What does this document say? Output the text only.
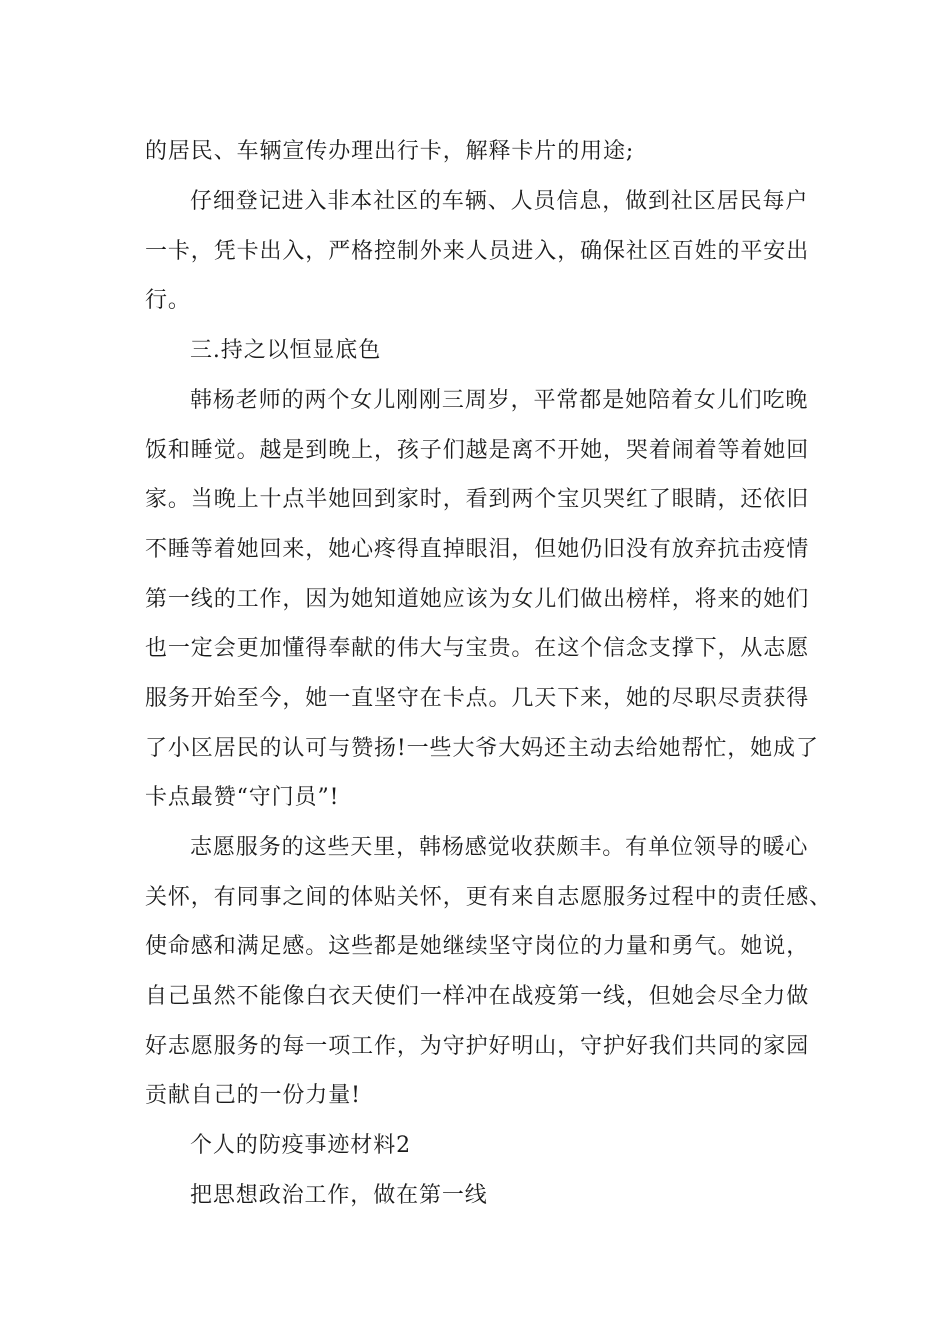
的居民、车辆宣传办理出行卡，解释卡片的用途;
仔细登记进入非本社区的车辆、人员信息，做到社区居民每户
一卡，凭卡出入，严格控制外来人员进入，确保社区百姓的平安出
行。
三.持之以恒显底色
韩杨老师的两个女儿刚刚三周岁，平常都是她陪着女儿们吃晚
饭和睡觉。越是到晚上，孩子们越是离不开她，哭着闹着等着她回
家。当晚上十点半她回到家时，看到两个宝贝哭红了眼睛，还依旧
不睡等着她回来，她心疼得直掉眼泪，但她仍旧没有放弃抗击疫情
第一线的工作，因为她知道她应该为女儿们做出榜样，将来的她们
也一定会更加懂得奉献的伟大与宝贵。在这个信念支撑下，从志愿
服务开始至今，她一直坚守在卡点。几天下来，她的尽职尽责获得
了小区居民的认可与赞扬!一些大爷大妈还主动去给她帮忙，她成了
卡点最赞“守门员”!
志愿服务的这些天里，韩杨感觉收获颇丰。有单位领导的暖心
关怀，有同事之间的体贴关怀，更有来自志愿服务过程中的责任感、
使命感和满足感。这些都是她继续坚守岗位的力量和勇气。她说，
自己虽然不能像白衣天使们一样冲在战疫第一线，但她会尽全力做
好志愿服务的每一项工作，为守护好明山，守护好我们共同的家园
贡献自己的一份力量!
个人的防疫事迹材料2
把思想政治工作，做在第一线
